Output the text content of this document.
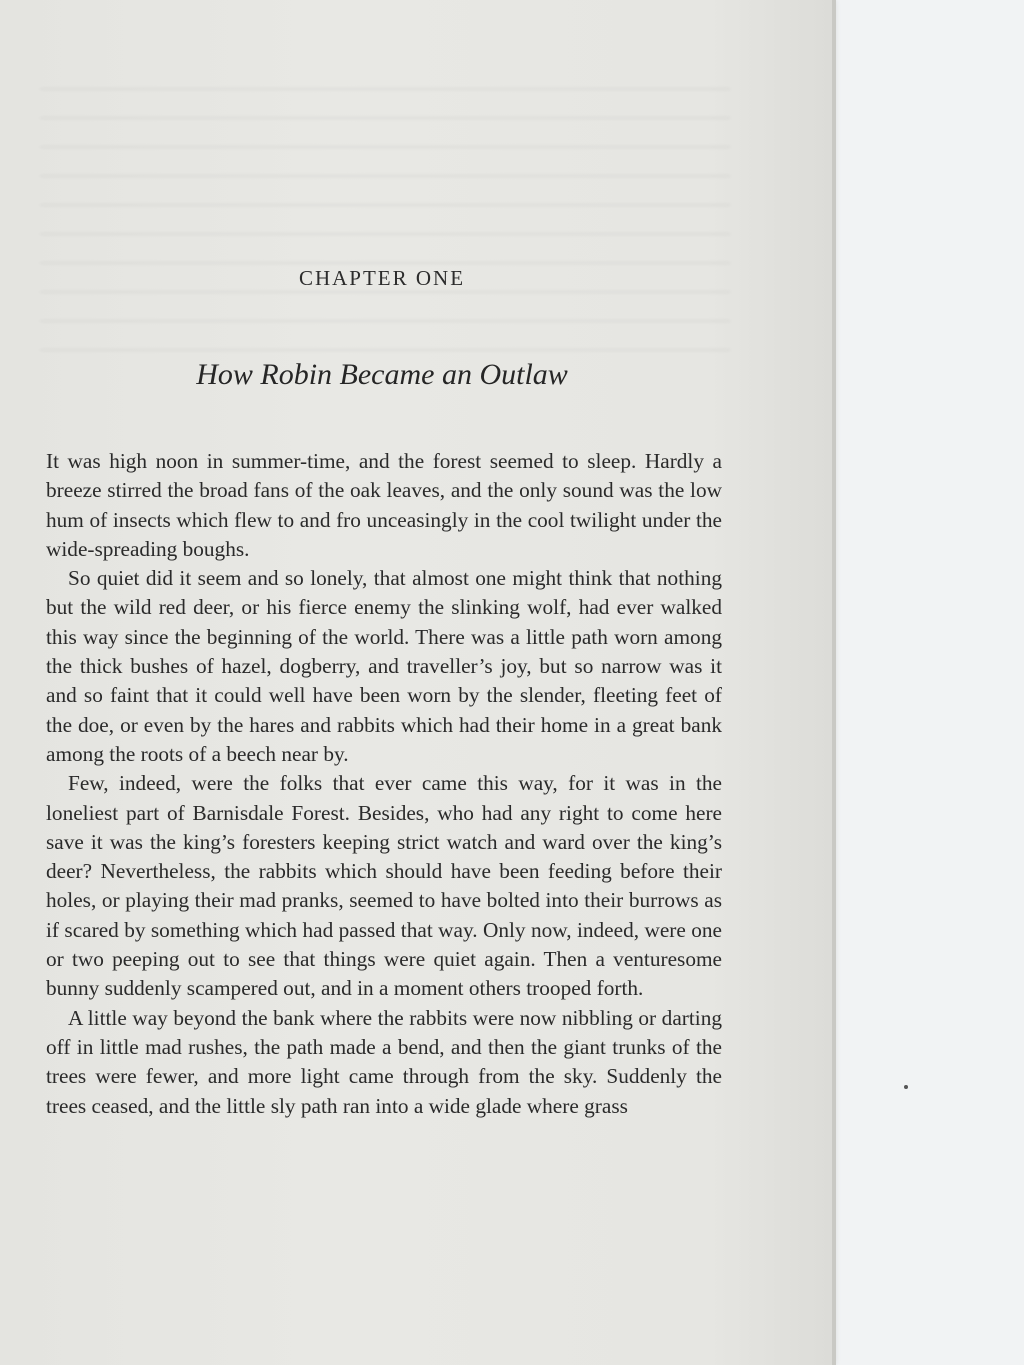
CHAPTER ONE
How Robin Became an Outlaw

It was high noon in summer-time, and the forest seemed to sleep. Hardly a breeze stirred the broad fans of the oak leaves, and the only sound was the low hum of insects which flew to and fro unceasingly in the cool twilight under the wide-spreading boughs.

So quiet did it seem and so lonely, that almost one might think that nothing but the wild red deer, or his fierce enemy the slinking wolf, had ever walked this way since the beginning of the world. There was a little path worn among the thick bushes of hazel, dogberry, and traveller’s joy, but so narrow was it and so faint that it could well have been worn by the slender, fleeting feet of the doe, or even by the hares and rabbits which had their home in a great bank among the roots of a beech near by.

Few, indeed, were the folks that ever came this way, for it was in the loneliest part of Barnisdale Forest. Besides, who had any right to come here save it was the king’s foresters keeping strict watch and ward over the king’s deer? Nevertheless, the rabbits which should have been feeding before their holes, or playing their mad pranks, seemed to have bolted into their burrows as if scared by something which had passed that way. Only now, indeed, were one or two peeping out to see that things were quiet again. Then a venturesome bunny suddenly scampered out, and in a moment others trooped forth.

A little way beyond the bank where the rabbits were now nibbling or darting off in little mad rushes, the path made a bend, and then the giant trunks of the trees were fewer, and more light came through from the sky. Suddenly the trees ceased, and the little sly path ran into a wide glade where grass
